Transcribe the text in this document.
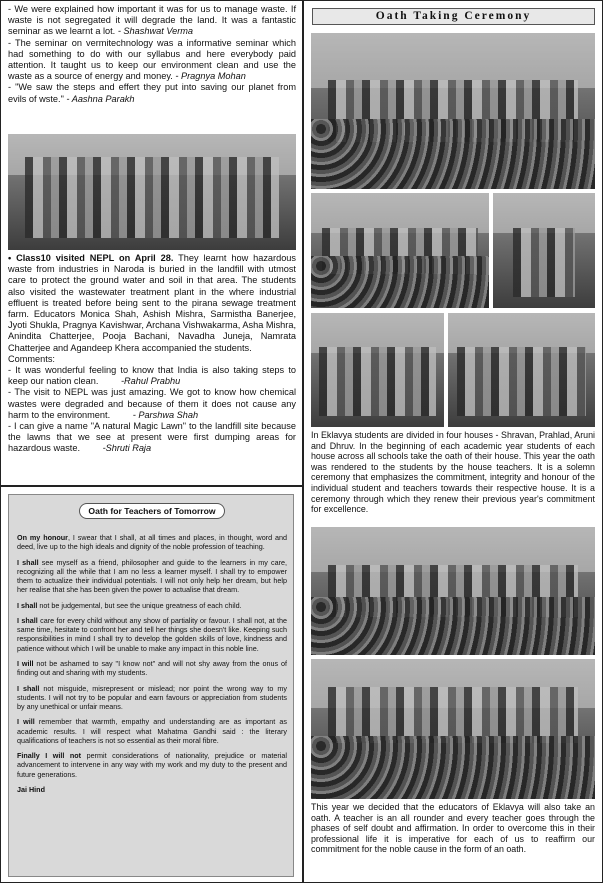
- We were explained how important it was for us to manage waste. If waste is not segregated it will degrade the land. It was a fantastic seminar as we learnt a lot. - Shashwat Verma

- The seminar on vermitechnology was a informative seminar which had something to do with our syllabus and here everybody paid attention. It taught us to keep our environment clean and use the waste as a source of energy and money. - Pragnya Mohan

- "We saw the steps and effert they put into saving our planet from evils of wste." - Aashna Parakh

• Class10 visited NEPL on April 28. They learnt how hazardous waste from industries in Naroda is buried in the landfill with utmost care to protect the ground water and soil in that area. The students also visited the wastewater treatment plant in the where industrial effluent is treated before being sent to the pirana sewage treatment farm. Educators Monica Shah, Ashish Mishra, Sarmistha Banerjee, Jyoti Shukla, Pragnya Kavishwar, Archana Vishwakarma, Asha Mishra, Anindita Chatterjee, Pooja Bachani, Navadha Juneja, Namrata Chatterjee and Agandeep Khera accompanied the students.

Comments:

- It was wonderful feeling to know that India is also taking steps to keep our nation clean. -Rahul Prabhu

- The visit to NEPL was just amazing. We got to know how chemical wastes were degraded and because of them it does not cause any harm to the environment. - Parshwa Shah

- I can give a name "A natural Magic Lawn" to the landfill site because the lawns that we see at present were first dumping areas for hazardous waste. -Shruti Raja

Oath for Teachers of Tomorrow

On my honour, I swear that I shall, at all times and places, in thought, word and deed, live up to the high ideals and dignity of the noble profession of teaching.

I shall see myself as a friend, philosopher and guide to the learners in my care, recognizing all the while that I am no less a learner myself. I shall try to empower them to actualize their individual potentials. I will not only help her dream, but help her realise that she has been given the power to actualise that dream.

I shall not be judgemental, but see the unique greatness of each child.

I shall care for every child without any show of partiality or favour. I shall not, at the same time, hesitate to confront her and tell her things she doesn't like. Keeping such responsibilities in mind I shall try to develop the golden skills of love, kindness and patience without which I will be unable to make any impact in this noble line.

I will not be ashamed to say "I know not" and will not shy away from the onus of finding out and sharing with my students.

I shall not misguide, misrepresent or mislead; nor point the wrong way to my students. I will not try to be popular and earn favours or appreciation from students by any unethical or unfair means.

I will remember that warmth, empathy and understanding are as important as academic results. I will respect what Mahatma Gandhi said : the literary qualifications of teachers is not so essential as their moral fibre.

Finally I will not permit considerations of nationality, prejudice or material advancement to intervene in any way with my work and my duty to the present and future generations.

Jai Hind

Oath Taking Ceremony
In Eklavya students are divided in four houses - Shravan, Prahlad, Aruni and Dhruv. In the beginning of each academic year students of each house across all schools take the oath of their house. This year the oath was rendered to the students by the house teachers. It is a solemn ceremony that emphasizes the commitment, integrity and honour of the individual student and teachers towards their respective house. It is a ceremony through which they renew their previous year's commitment for excellence.
This year we decided that the educators of Eklavya will also take an oath. A teacher is an all rounder and every teacher goes through the phases of self doubt and affirmation. In order to overcome this in their professional life it is imperative for each of us to reaffirm our commitment for the noble cause in the form of an oath.
